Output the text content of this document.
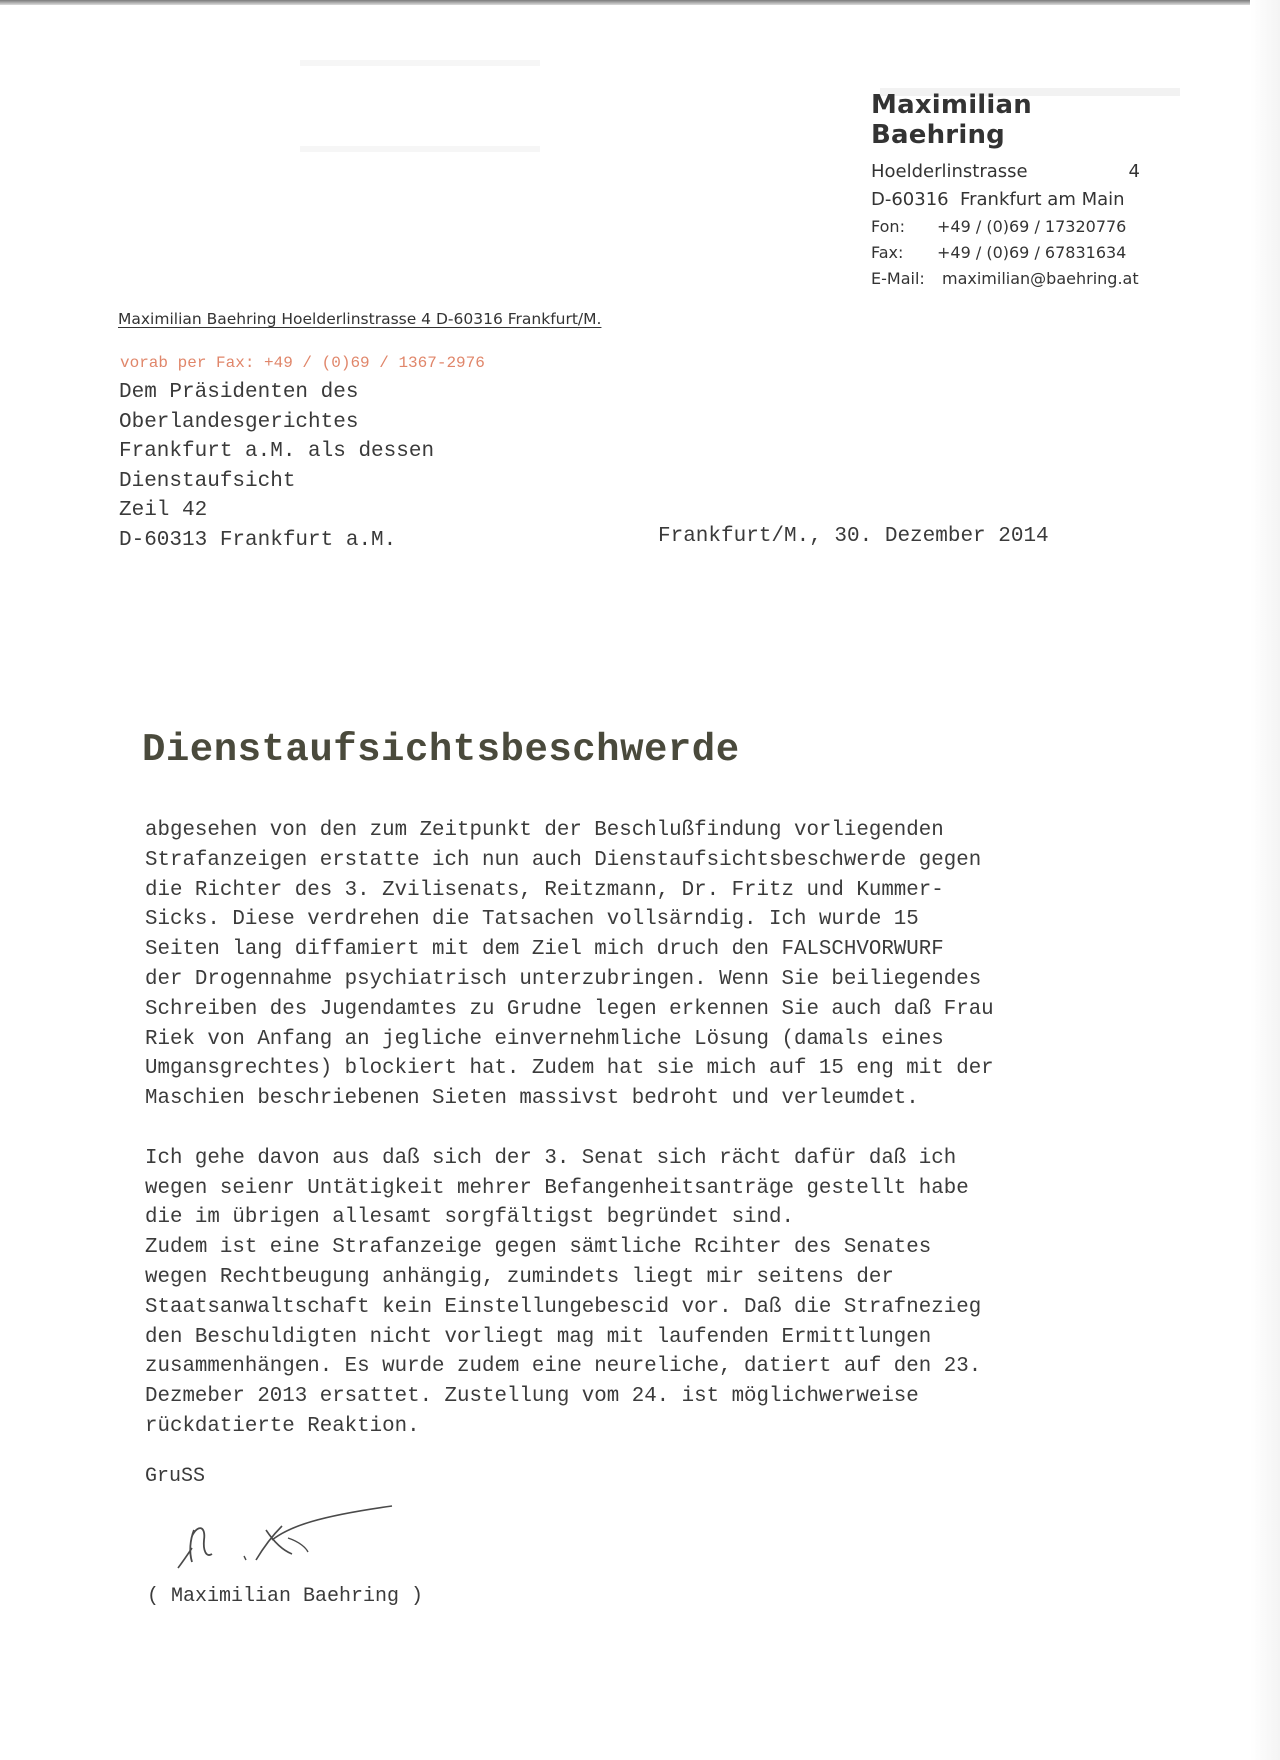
Maximilian Baehring
Hoelderlinstrasse	4
D-60316  Frankfurt am Main
Fon:	+49 / (0)69 / 17320776
Fax:	+49 / (0)69 / 67831634
E-Mail:	maximilian@baehring.at
Maximilian Baehring Hoelderlinstrasse 4 D-60316 Frankfurt/M.
vorab per Fax: +49 / (0)69 / 1367-2976
Dem Präsidenten des
Oberlandesgerichtes
Frankfurt a.M. als dessen
Dienstaufsicht
Zeil 42
D-60313 Frankfurt a.M.	Frankfurt/M., 30. Dezember 2014
Dienstaufsichtsbeschwerde
abgesehen von den zum Zeitpunkt der Beschlußfindung vorliegenden
Strafanzeigen erstatte ich nun auch Dienstaufsichtsbeschwerde gegen
die Richter des 3. Zvilisenats, Reitzmann, Dr. Fritz und Kummer-
Sicks. Diese verdrehen die Tatsachen vollsärndig. Ich wurde 15
Seiten lang diffamiert mit dem Ziel mich druch den FALSCHVORWURF
der Drogennahme psychiatrisch unterzubringen. Wenn Sie beiliegendes
Schreiben des Jugendamtes zu Grudne legen erkennen Sie auch daß Frau
Riek von Anfang an jegliche einvernehmliche Lösung (damals eines
Umgansgrechtes) blockiert hat. Zudem hat sie mich auf 15 eng mit der
Maschien beschriebenen Sieten massivst bedroht und verleumdet.
Ich gehe davon aus daß sich der 3. Senat sich rächt dafür daß ich
wegen seienr Untätigkeit mehrer Befangenheitsanträge gestellt habe
die im übrigen allesamt sorgfältigst begründet sind.
Zudem ist eine Strafanzeige gegen sämtliche Rcihter des Senates
wegen Rechtbeugung anhängig, zumindets liegt mir seitens der
Staatsanwaltschaft kein Einstellungebescid vor. Daß die Strafnezieg
den Beschuldigten nicht vorliegt mag mit laufenden Ermittlungen
zusammenhängen. Es wurde zudem eine neureliche, datiert auf den 23.
Dezmeber 2013 ersattet. Zustellung vom 24. ist möglichwerweise
rückdatierte Reaktion.
GruSS
( Maximilian Baehring )
